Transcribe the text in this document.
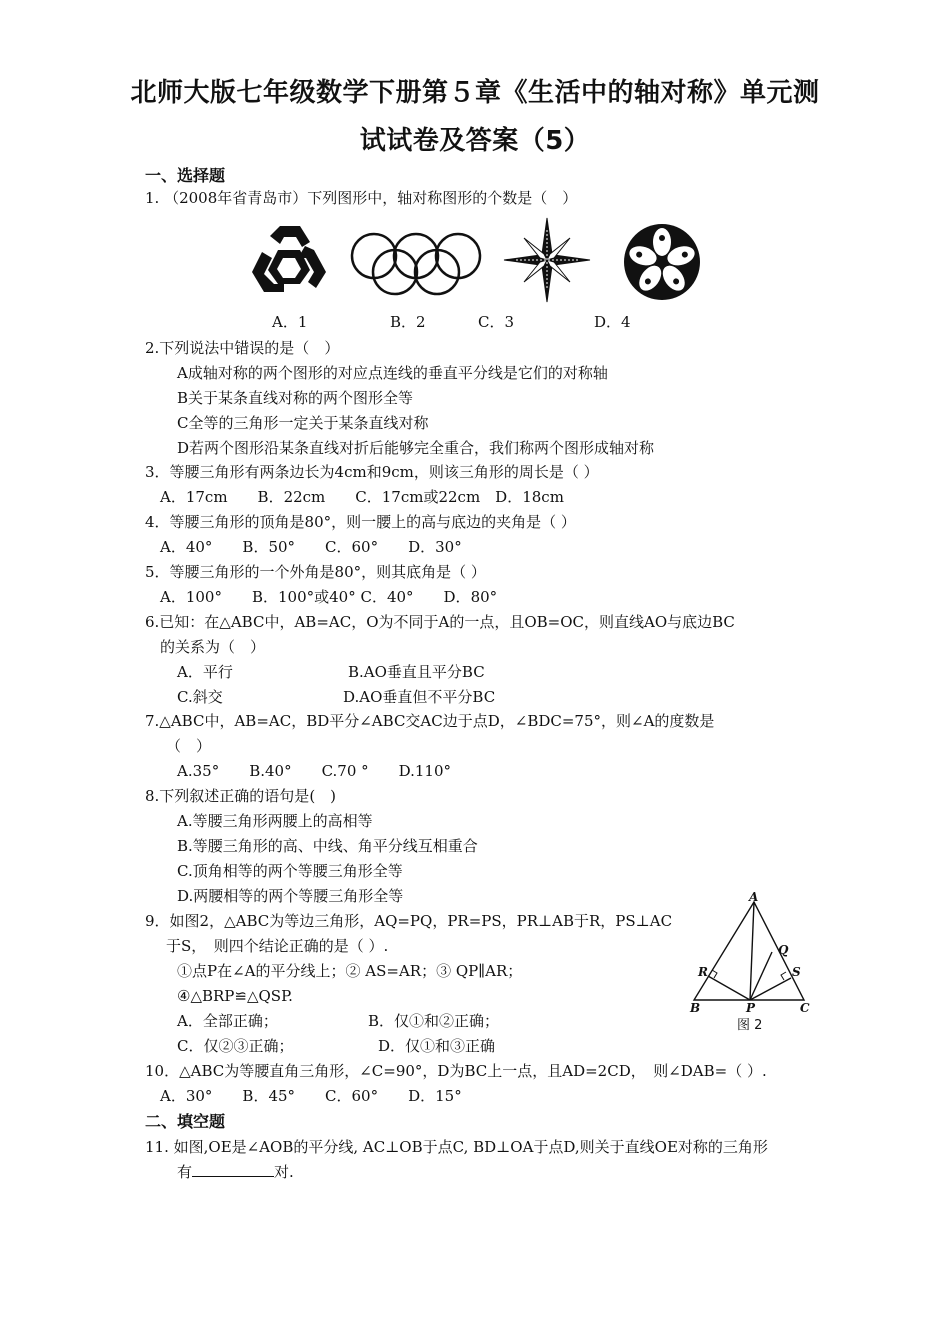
北师大版七年级数学下册第５章《生活中的轴对称》单元测
试试卷及答案（5）
一、选择题
1. （2008年省青岛市）下列图形中，轴对称图形的个数是（　）
A．1	B．2	C．3	D．4
2.下列说法中错误的是（　）
A成轴对称的两个图形的对应点连线的垂直平分线是它们的对称轴
B关于某条直线对称的两个图形全等
C全等的三角形一定关于某条直线对称
D若两个图形沿某条直线对折后能够完全重合，我们称两个图形成轴对称
3．等腰三角形有两条边长为4cm和9cm，则该三角形的周长是（ ）
A．17cm　　B．22cm　　C．17cm或22cm　D．18cm
4．等腰三角形的顶角是80°，则一腰上的高与底边的夹角是（ ）
A．40°　　B．50°　　C．60°　　D．30°
5．等腰三角形的一个外角是80°，则其底角是（ ）
A．100°　　B．100°或40° C．40°　　D．80°
6.已知：在△ABC中，AB=AC，O为不同于A的一点，且OB=OC，则直线AO与底边BC
的关系为（　）
A．平行	B.AO垂直且平分BC
C.斜交	D.AO垂直但不平分BC
7.△ABC中，AB=AC，BD平分∠ABC交AC边于点D，∠BDC=75°，则∠A的度数是
（　）
A.35°　　B.40°　　C.70 °　　D.110°
8.下列叙述正确的语句是(　)
A.等腰三角形两腰上的高相等
B.等腰三角形的高、中线、角平分线互相重合
C.顶角相等的两个等腰三角形全等
D.两腰相等的两个等腰三角形全等
9．如图2，△ABC为等边三角形，AQ=PQ，PR=PS，PR⊥AB于R，PS⊥AC
于S，　则四个结论正确的是（ ）.
①点P在∠A的平分线上；② AS=AR；③ QP∥AR；
④△BRP≌△QSP.
A．全部正确；	B．仅①和②正确；
C．仅②③正确；	D．仅①和③正确
A
Q
R	S
B	P	C
图 2
10．△ABC为等腰直角三角形，∠C=90°，D为BC上一点，且AD=2CD，　则∠DAB=（ ）.
A．30°　　B．45°　　C．60°　　D．15°
二、填空题
11. 如图,OE是∠AOB的平分线, AC⊥OB于点C, BD⊥OA于点D,则关于直线OE对称的三角形
有	对.
